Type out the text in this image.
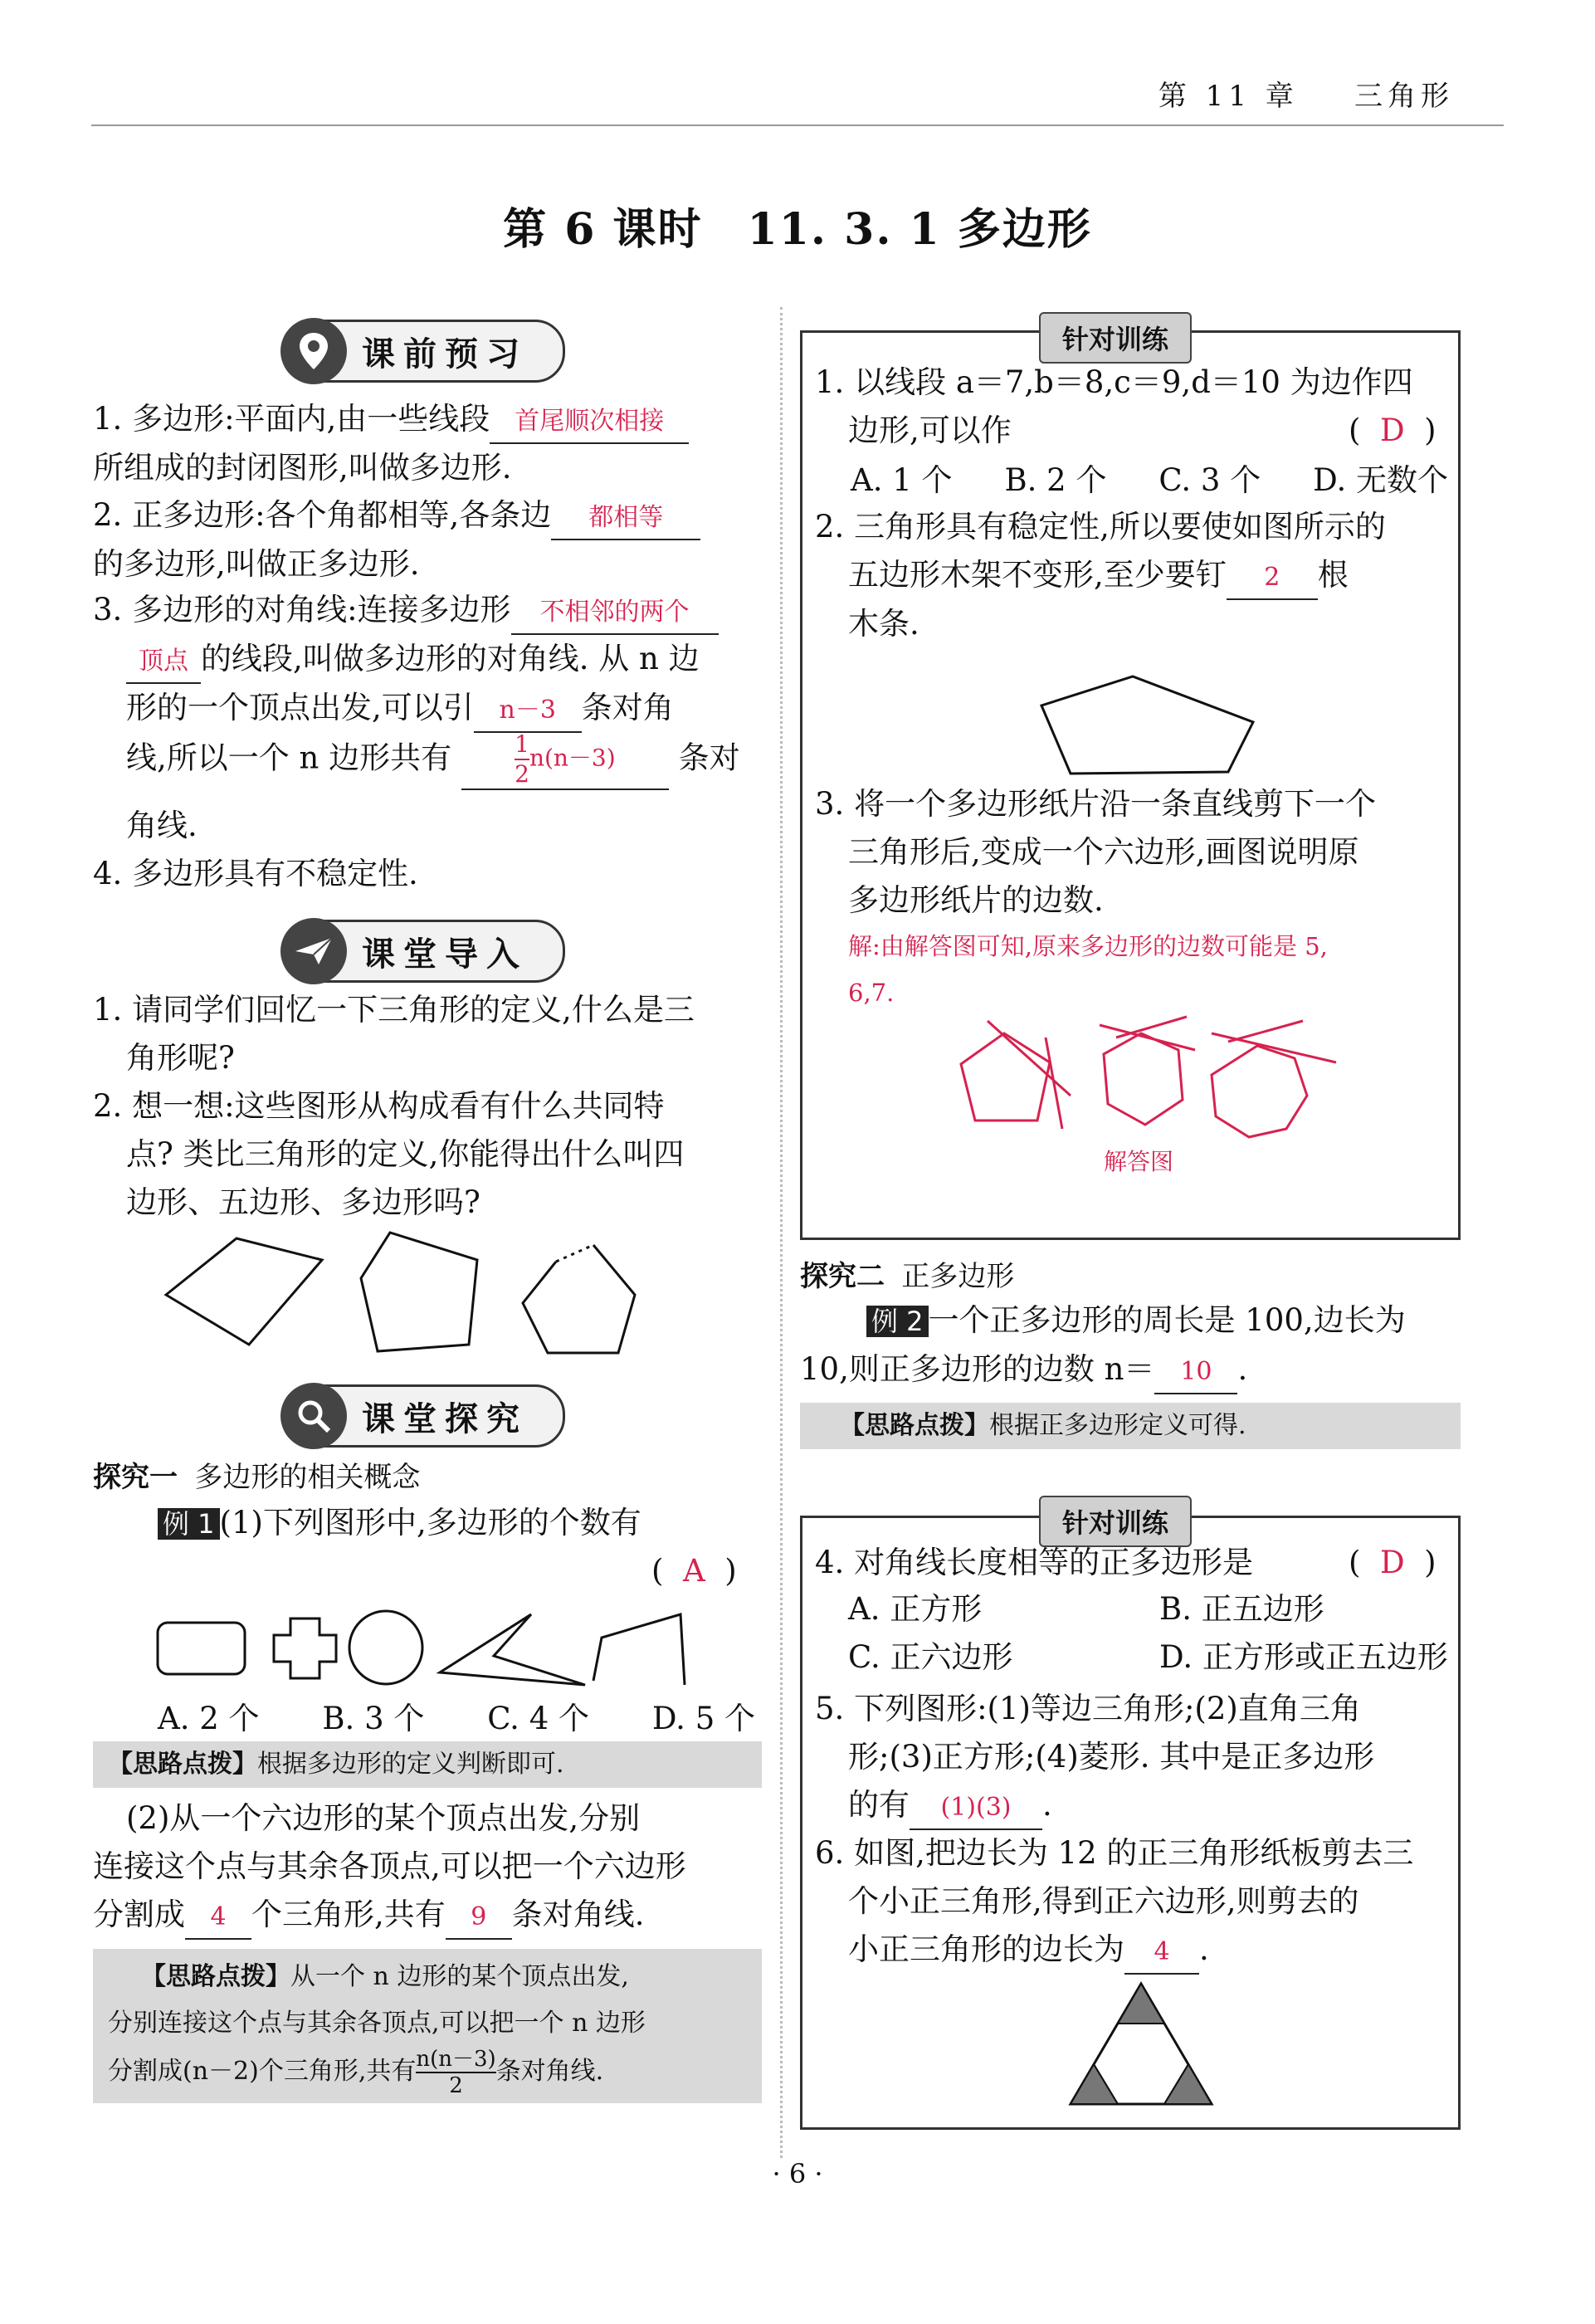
第 11 章 三角形
第 6 课时　11. 3. 1 多边形
课前预习
1. 多边形:平面内,由一些线段 首尾顺次相接
所组成的封闭图形,叫做多边形.
2. 正多边形:各个角都相等,各条边 都相等
的多边形,叫做正多边形.
3. 多边形的对角线:连接多边形 不相邻的两个
顶点 的线段,叫做多边形的对角线. 从 n 边
形的一个顶点出发,可以引 n－3 条对角
线,所以一个 n 边形共有	$\frac{1}{2} n(n-3)$ 条对
角线.
4. 多边形具有不稳定性.
课堂导入
1. 请同学们回忆一下三角形的定义,什么是三
角形呢?
2. 想一想:这些图形从构成看有什么共同特
点? 类比三角形的定义,你能得出什么叫四
边形、五边形、多边形吗?
课堂探究
探究一 多边形的相关概念
例 1 (1)下列图形中,多边形的个数有
( A )
A. 2 个 B. 3 个 C. 4 个 D. 5 个
【思路点拨】根据多边形的定义判断即可.
(2)从一个六边形的某个顶点出发,分别
连接这个点与其余各顶点,可以把一个六边形
分割成 4 个三角形,共有 9 条对角线.
【思路点拨】从一个 n 边形的某个顶点出发,
分别连接这个点与其余各顶点,可以把一个 n 边形
分割成(n－2)个三角形,共有 $\frac{n(n-3)}{2}$ 条对角线.
针对训练
1. 以线段 a＝7,b＝8,c＝9,d＝10 为边作四
边形,可以作	( D )
A. 1 个 B. 2 个 C. 3 个 D. 无数个
2. 三角形具有稳定性,所以要使如图所示的
五边形木架不变形,至少要钉 2 根
木条.
3. 将一个多边形纸片沿一条直线剪下一个
三角形后,变成一个六边形,画图说明原
多边形纸片的边数.
解:由解答图可知,原来多边形的边数可能是 5,
6,7.
解答图
探究二 正多边形
例 2 一个正多边形的周长是 100,边长为
10,则正多边形的边数 n＝ 10 .
【思路点拨】根据正多边形定义可得.
针对训练
4. 对角线长度相等的正多边形是	( D )
A. 正方形	B. 正五边形
C. 正六边形	D. 正方形或正五边形
5. 下列图形:(1)等边三角形;(2)直角三角
形;(3)正方形;(4)菱形. 其中是正多边形
的有 (1)(3) .
6. 如图,把边长为 12 的正三角形纸板剪去三
个小正三角形,得到正六边形,则剪去的
小正三角形的边长为 4 .
· 6 ·
